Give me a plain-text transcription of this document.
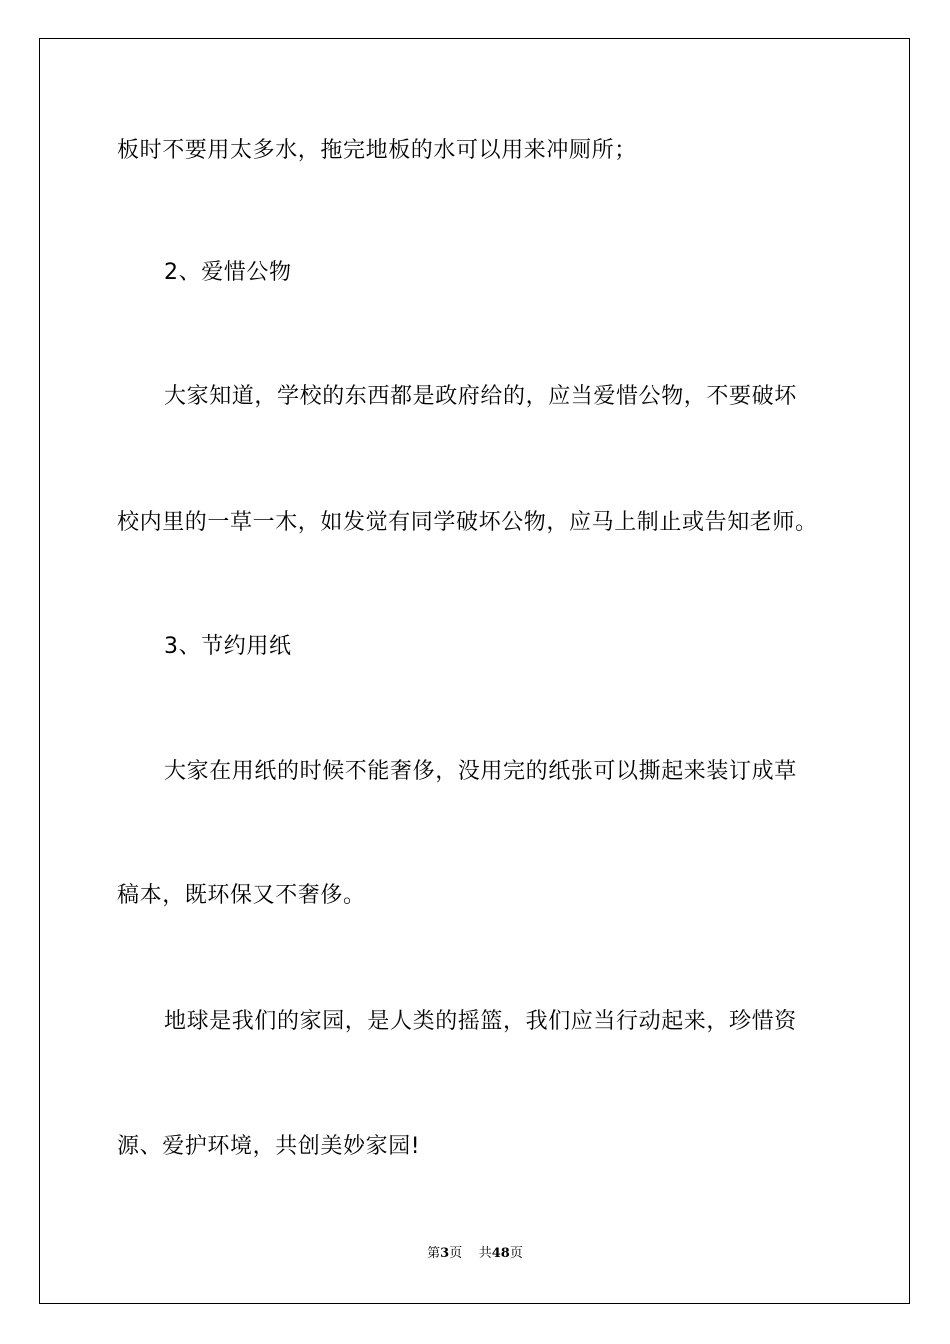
板时不要用太多水，拖完地板的水可以用来冲厕所；
2、爱惜公物
大家知道，学校的东西都是政府给的，应当爱惜公物，不要破坏
校内里的一草一木，如发觉有同学破坏公物，应马上制止或告知老师。
3、节约用纸
大家在用纸的时候不能奢侈，没用完的纸张可以撕起来装订成草
稿本，既环保又不奢侈。
地球是我们的家园，是人类的摇篮，我们应当行动起来，珍惜资
源、爱护环境，共创美妙家园!
第3页 共48页
